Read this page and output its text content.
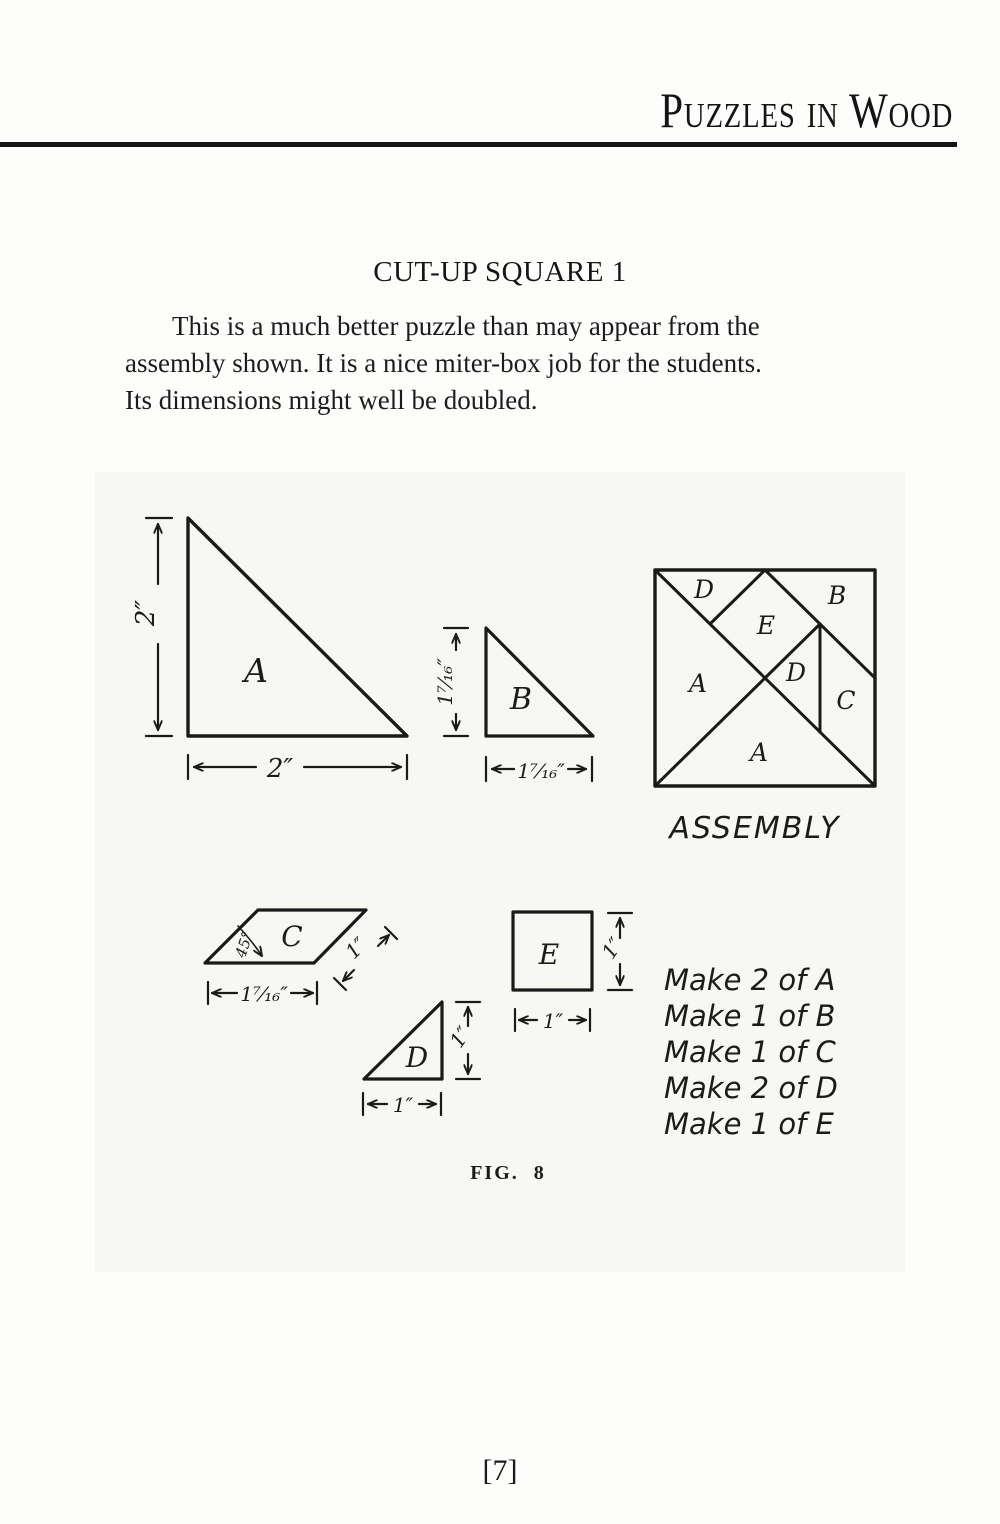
Puzzles in Wood
CUT-UP SQUARE 1
This is a much better puzzle than may appear from the
assembly shown. It is a nice miter-box job for the students.
Its dimensions might well be doubled.
A
2″
2″
B
1⁷⁄₁₆″
1⁷⁄₁₆″
D	B
E
A	D
C
A
ASSEMBLY
C
45°
1⁷⁄₁₆″
1″	E 1″
1″
D
1″
1″
Make 2 of A
Make 1 of B
Make 1 of C
Make 2 of D
Make 1 of E
FIG. 8
[7]
